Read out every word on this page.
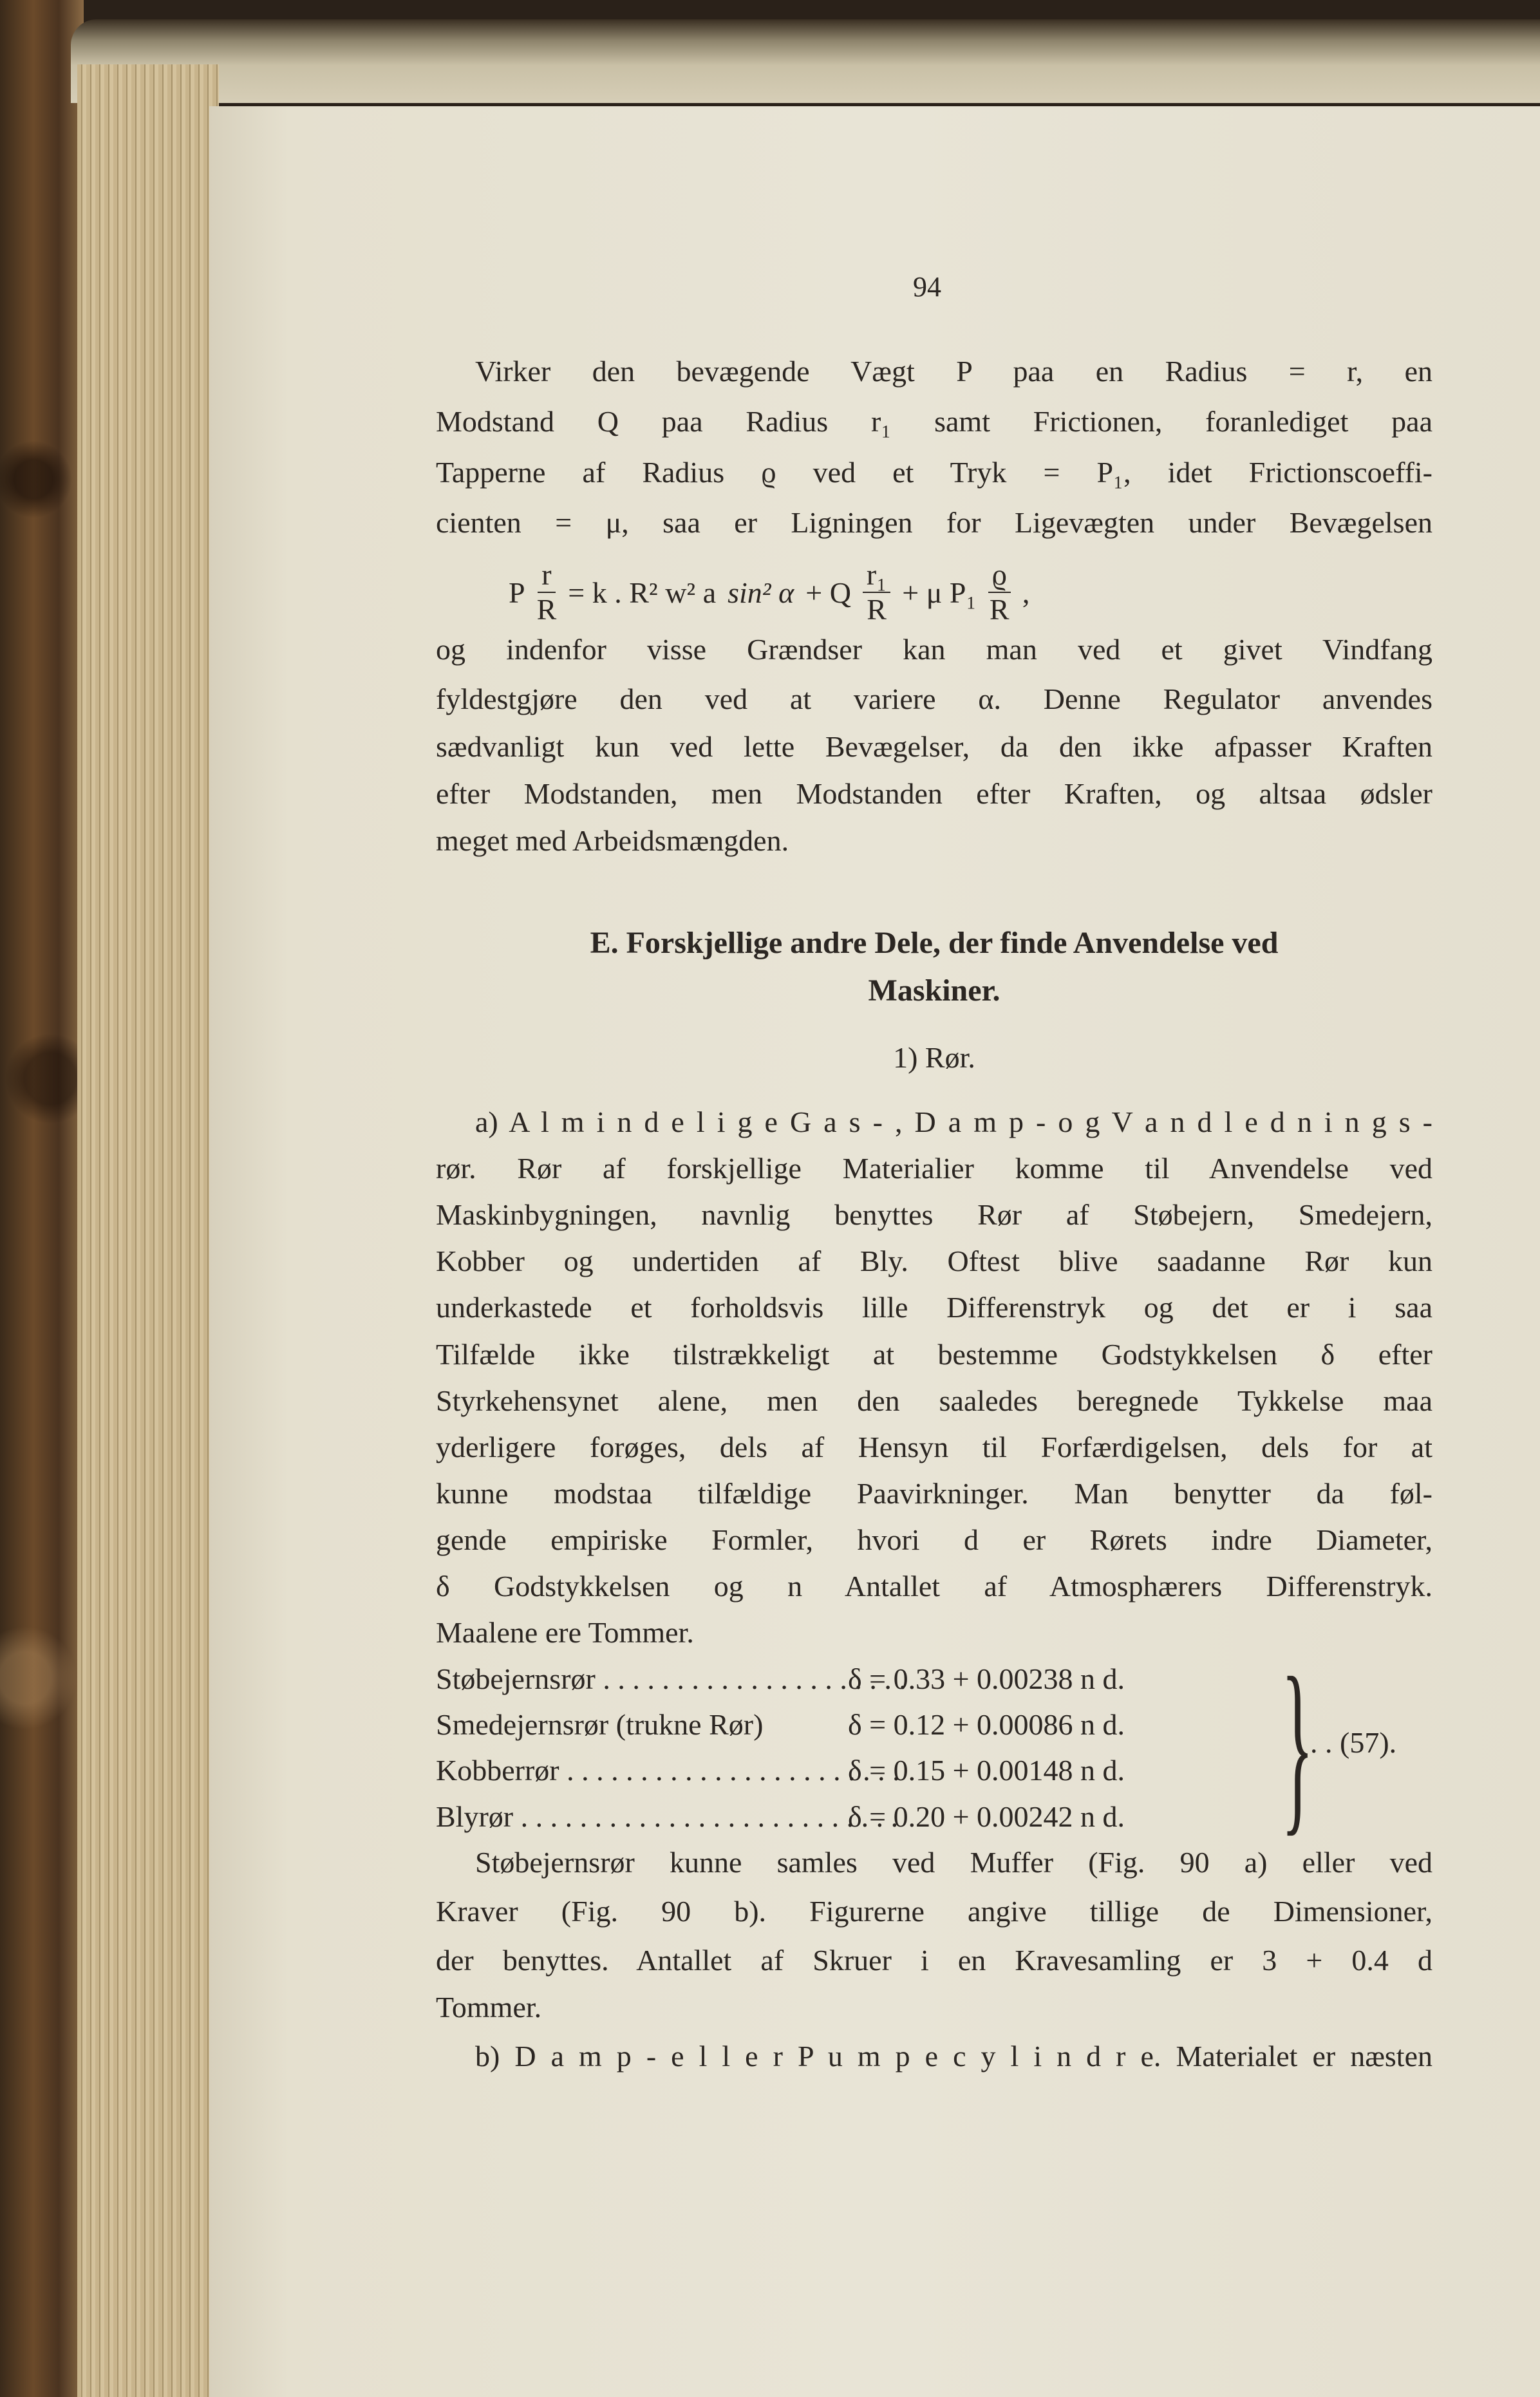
94
P $\frac{r}{R} = k$ . R² w² a sin² α + Q $\frac{\text{r₁}}{R} + \mu$ $P_1 \frac{ϱ}{R}$ ,
Støbejernsrør . . . . . . . . . . . . . . . . . . . . .δ = 0.33 + 0.00238 n d.
Smedejernsrør (trukne Rør)	δ = 0.12 + 0.00086 n d.
Kobberrør . . . . . . . . . . . . . . . . . . . . . . .δ = 0.15 + 0.00148 n d.
Blyrør . . . . . . . . . . . . . . . . . . . . . . . . . .δ = 0.20 + 0.00242 n d. }
. . (57).
Virker den bevægende Vægt P paa en Radius = r, en
Modstand Q paa Radius r₁ samt Frictionen, foranlediget paa
Tapperne af Radius ϱ ved et Tryk = P₁, idet Frictionscoeffi-
cienten = μ, saa er Ligningen for Ligevægten under Bevægelsen
og indenfor visse Grændser kan man ved et givet Vindfang
fyldestgjøre den ved at variere α. Denne Regulator anvendes
sædvanligt kun ved lette Bevægelser, da den ikke afpasser Kraften
efter Modstanden, men Modstanden efter Kraften, og altsaa ødsler
meget med Arbeidsmængden.
E. Forskjellige andre Dele, der finde Anvendelse ved
Maskiner.
1) Rør.
a) A l m i n d e l i g e G a s - , D a m p - o g V a n d l e d n i n g s -
rør. Rør af forskjellige Materialier komme til Anvendelse ved
Maskinbygningen, navnlig benyttes Rør af Støbejern, Smedejern,
Kobber og undertiden af Bly. Oftest blive saadanne Rør kun
underkastede et forholdsvis lille Differenstryk og det er i saa
Tilfælde ikke tilstrækkeligt at bestemme Godstykkelsen δ efter
Styrkehensynet alene, men den saaledes beregnede Tykkelse maa
yderligere forøges, dels af Hensyn til Forfærdigelsen, dels for at
kunne modstaa tilfældige Paavirkninger. Man benytter da føl-
gende empiriske Formler, hvori d er Rørets indre Diameter,
δ Godstykkelsen og n Antallet af Atmosphærers Differenstryk.
Maalene ere Tommer.
Støbejernsrør kunne samles ved Muffer (Fig. 90 a) eller ved
Kraver (Fig. 90 b). Figurerne angive tillige de Dimensioner,
der benyttes. Antallet af Skruer i en Kravesamling er 3 + 0.4 d
Tommer.
b) D a m p - e l l e r P u m p e c y l i n d r e. Materialet er næsten
